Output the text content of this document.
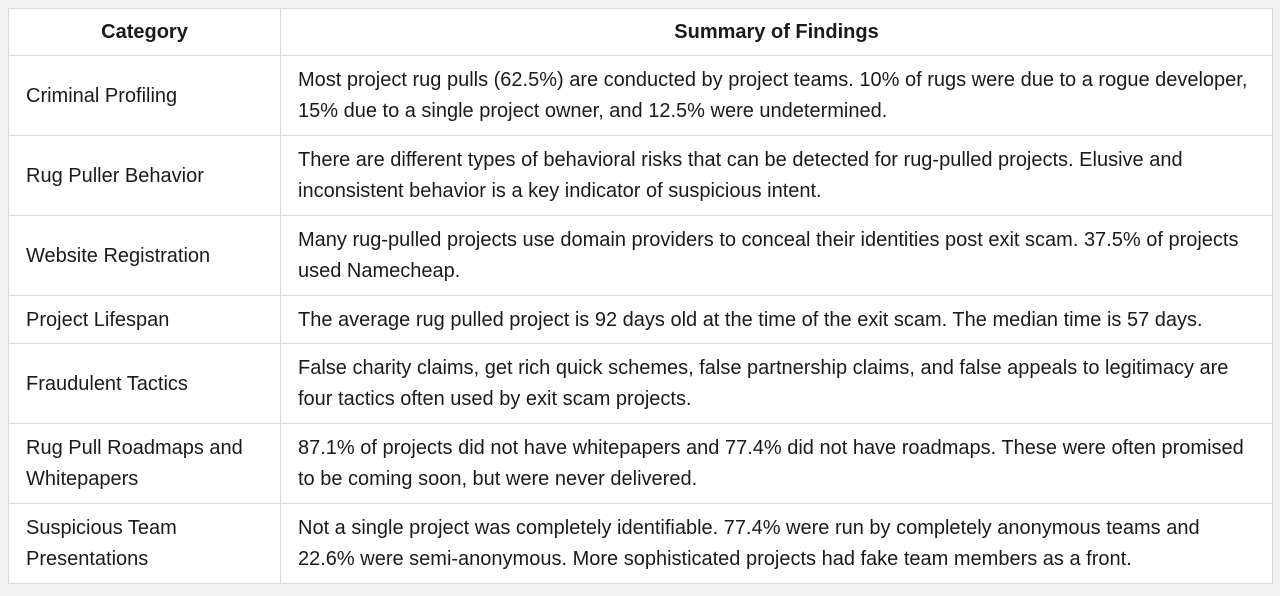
Category	Summary of Findings
Criminal Profiling	Most project rug pulls (62.5%) are conducted by project teams. 10% of rugs were due to a rogue developer, 15% due to a single project owner, and 12.5% were undetermined.
Rug Puller Behavior	There are different types of behavioral risks that can be detected for rug-pulled projects. Elusive and inconsistent behavior is a key indicator of suspicious intent.
Website Registration	Many rug-pulled projects use domain providers to conceal their identities post exit scam. 37.5% of projects used Namecheap.
Project Lifespan	The average rug pulled project is 92 days old at the time of the exit scam. The median time is 57 days.
Fraudulent Tactics	False charity claims, get rich quick schemes, false partnership claims, and false appeals to legitimacy are four tactics often used by exit scam projects.
Rug Pull Roadmaps and Whitepapers	87.1% of projects did not have whitepapers and 77.4% did not have roadmaps. These were often promised to be coming soon, but were never delivered.
Suspicious Team Presentations	Not a single project was completely identifiable. 77.4% were run by completely anonymous teams and 22.6% were semi-anonymous. More sophisticated projects had fake team members as a front.
